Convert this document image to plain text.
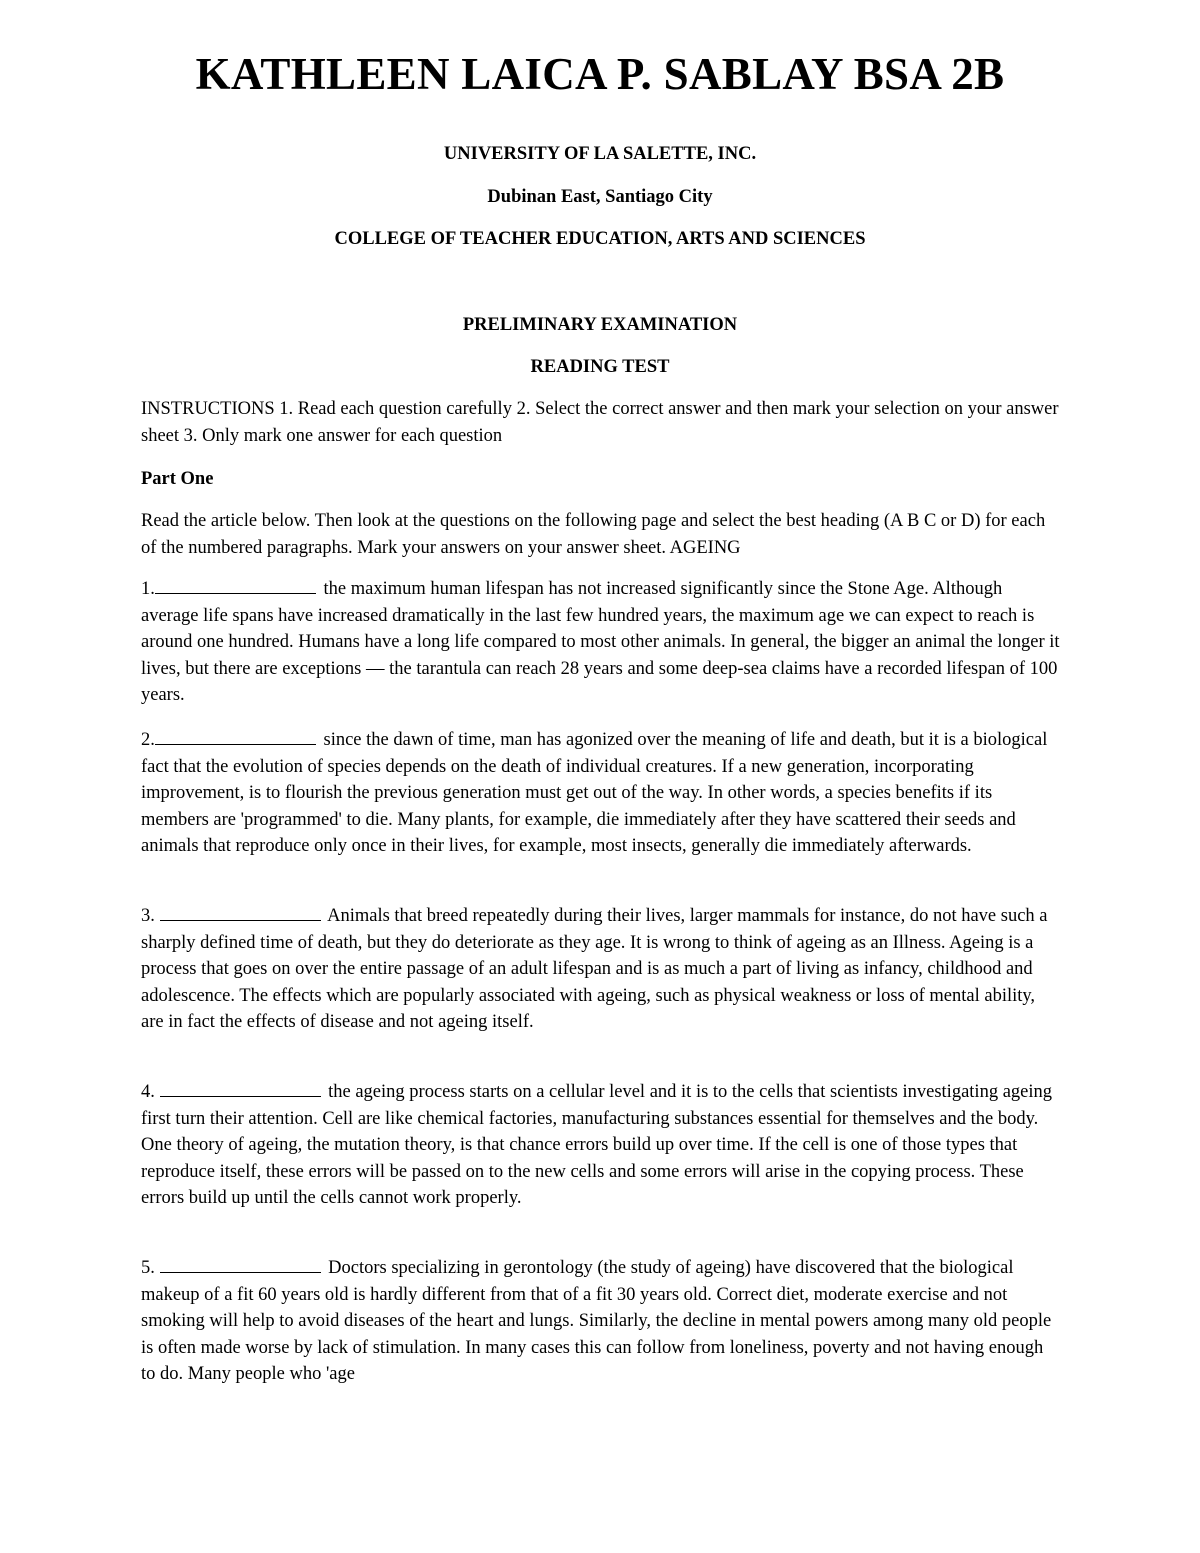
KATHLEEN LAICA P. SABLAY BSA 2B
UNIVERSITY OF LA SALETTE, INC.
Dubinan East, Santiago City
COLLEGE OF TEACHER EDUCATION, ARTS AND SCIENCES
PRELIMINARY EXAMINATION
READING TEST

INSTRUCTIONS 1. Read each question carefully 2. Select the correct answer and then mark your selection on your answer sheet 3. Only mark one answer for each question

Part One

Read the article below. Then look at the questions on the following page and select the best heading (A B C or D) for each of the numbered paragraphs. Mark your answers on your answer sheet. AGEING

1.	the maximum human lifespan has not increased significantly since the Stone Age. Although average life spans have increased dramatically in the last few hundred years, the maximum age we can expect to reach is around one hundred. Humans have a long life compared to most other animals. In general, the bigger an animal the longer it lives, but there are exceptions — the tarantula can reach 28 years and some deep-sea claims have a recorded lifespan of 100 years.

2.	since the dawn of time, man has agonized over the meaning of life and death, but it is a biological fact that the evolution of species depends on the death of individual creatures. If a new generation, incorporating improvement, is to flourish the previous generation must get out of the way. In other words, a species benefits if its members are 'programmed' to die. Many plants, for example, die immediately after they have scattered their seeds and animals that reproduce only once in their lives, for example, most insects, generally die immediately afterwards.

3.	Animals that breed repeatedly during their lives, larger mammals for instance, do not have such a sharply defined time of death, but they do deteriorate as they age. It is wrong to think of ageing as an Illness. Ageing is a process that goes on over the entire passage of an adult lifespan and is as much a part of living as infancy, childhood and adolescence. The effects which are popularly associated with ageing, such as physical weakness or loss of mental ability, are in fact the effects of disease and not ageing itself.

4.	the ageing process starts on a cellular level and it is to the cells that scientists investigating ageing first turn their attention. Cell are like chemical factories, manufacturing substances essential for themselves and the body. One theory of ageing, the mutation theory, is that chance errors build up over time. If the cell is one of those types that reproduce itself, these errors will be passed on to the new cells and some errors will arise in the copying process. These errors build up until the cells cannot work properly.

5.	Doctors specializing in gerontology (the study of ageing) have discovered that the biological makeup of a fit 60 years old is hardly different from that of a fit 30 years old. Correct diet, moderate exercise and not smoking will help to avoid diseases of the heart and lungs. Similarly, the decline in mental powers among many old people is often made worse by lack of stimulation. In many cases this can follow from loneliness, poverty and not having enough to do. Many people who 'age
